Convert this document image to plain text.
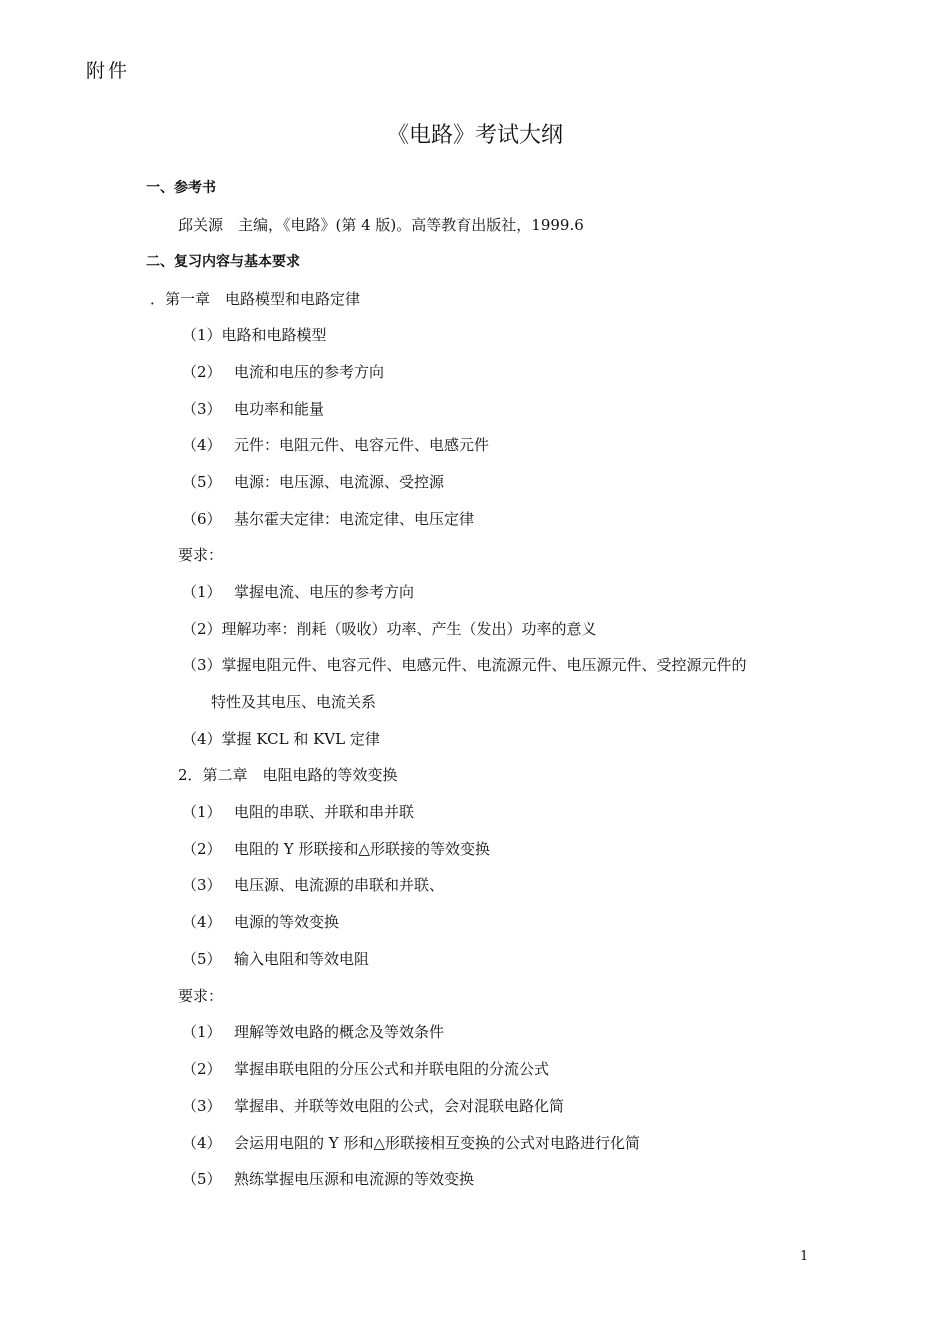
附件
《电路》考试大纲
一、参考书
邱关源　主编，《电路》(第 4 版)。高等教育出版社，1999.6
二、复习内容与基本要求
．第一章　电路模型和电路定律
（1）电路和电路模型
（2） 电流和电压的参考方向
（3） 电功率和能量
（4） 元件：电阻元件、电容元件、电感元件
（5） 电源：电压源、电流源、受控源
（6） 基尔霍夫定律：电流定律、电压定律
要求：
（1） 掌握电流、电压的参考方向
（2）理解功率：削耗（吸收）功率、产生（发出）功率的意义
（3）掌握电阻元件、电容元件、电感元件、电流源元件、电压源元件、受控源元件的
特性及其电压、电流关系
（4）掌握 KCL 和 KVL 定律
2．第二章　电阻电路的等效变换
（1） 电阻的串联、并联和串并联
（2） 电阻的 Y 形联接和△形联接的等效变换
（3） 电压源、电流源的串联和并联、
（4） 电源的等效变换
（5） 输入电阻和等效电阻
要求：
（1） 理解等效电路的概念及等效条件
（2） 掌握串联电阻的分压公式和并联电阻的分流公式
（3） 掌握串、并联等效电阻的公式，会对混联电路化简
（4） 会运用电阻的 Y 形和△形联接相互变换的公式对电路进行化简
（5） 熟练掌握电压源和电流源的等效变换
1
